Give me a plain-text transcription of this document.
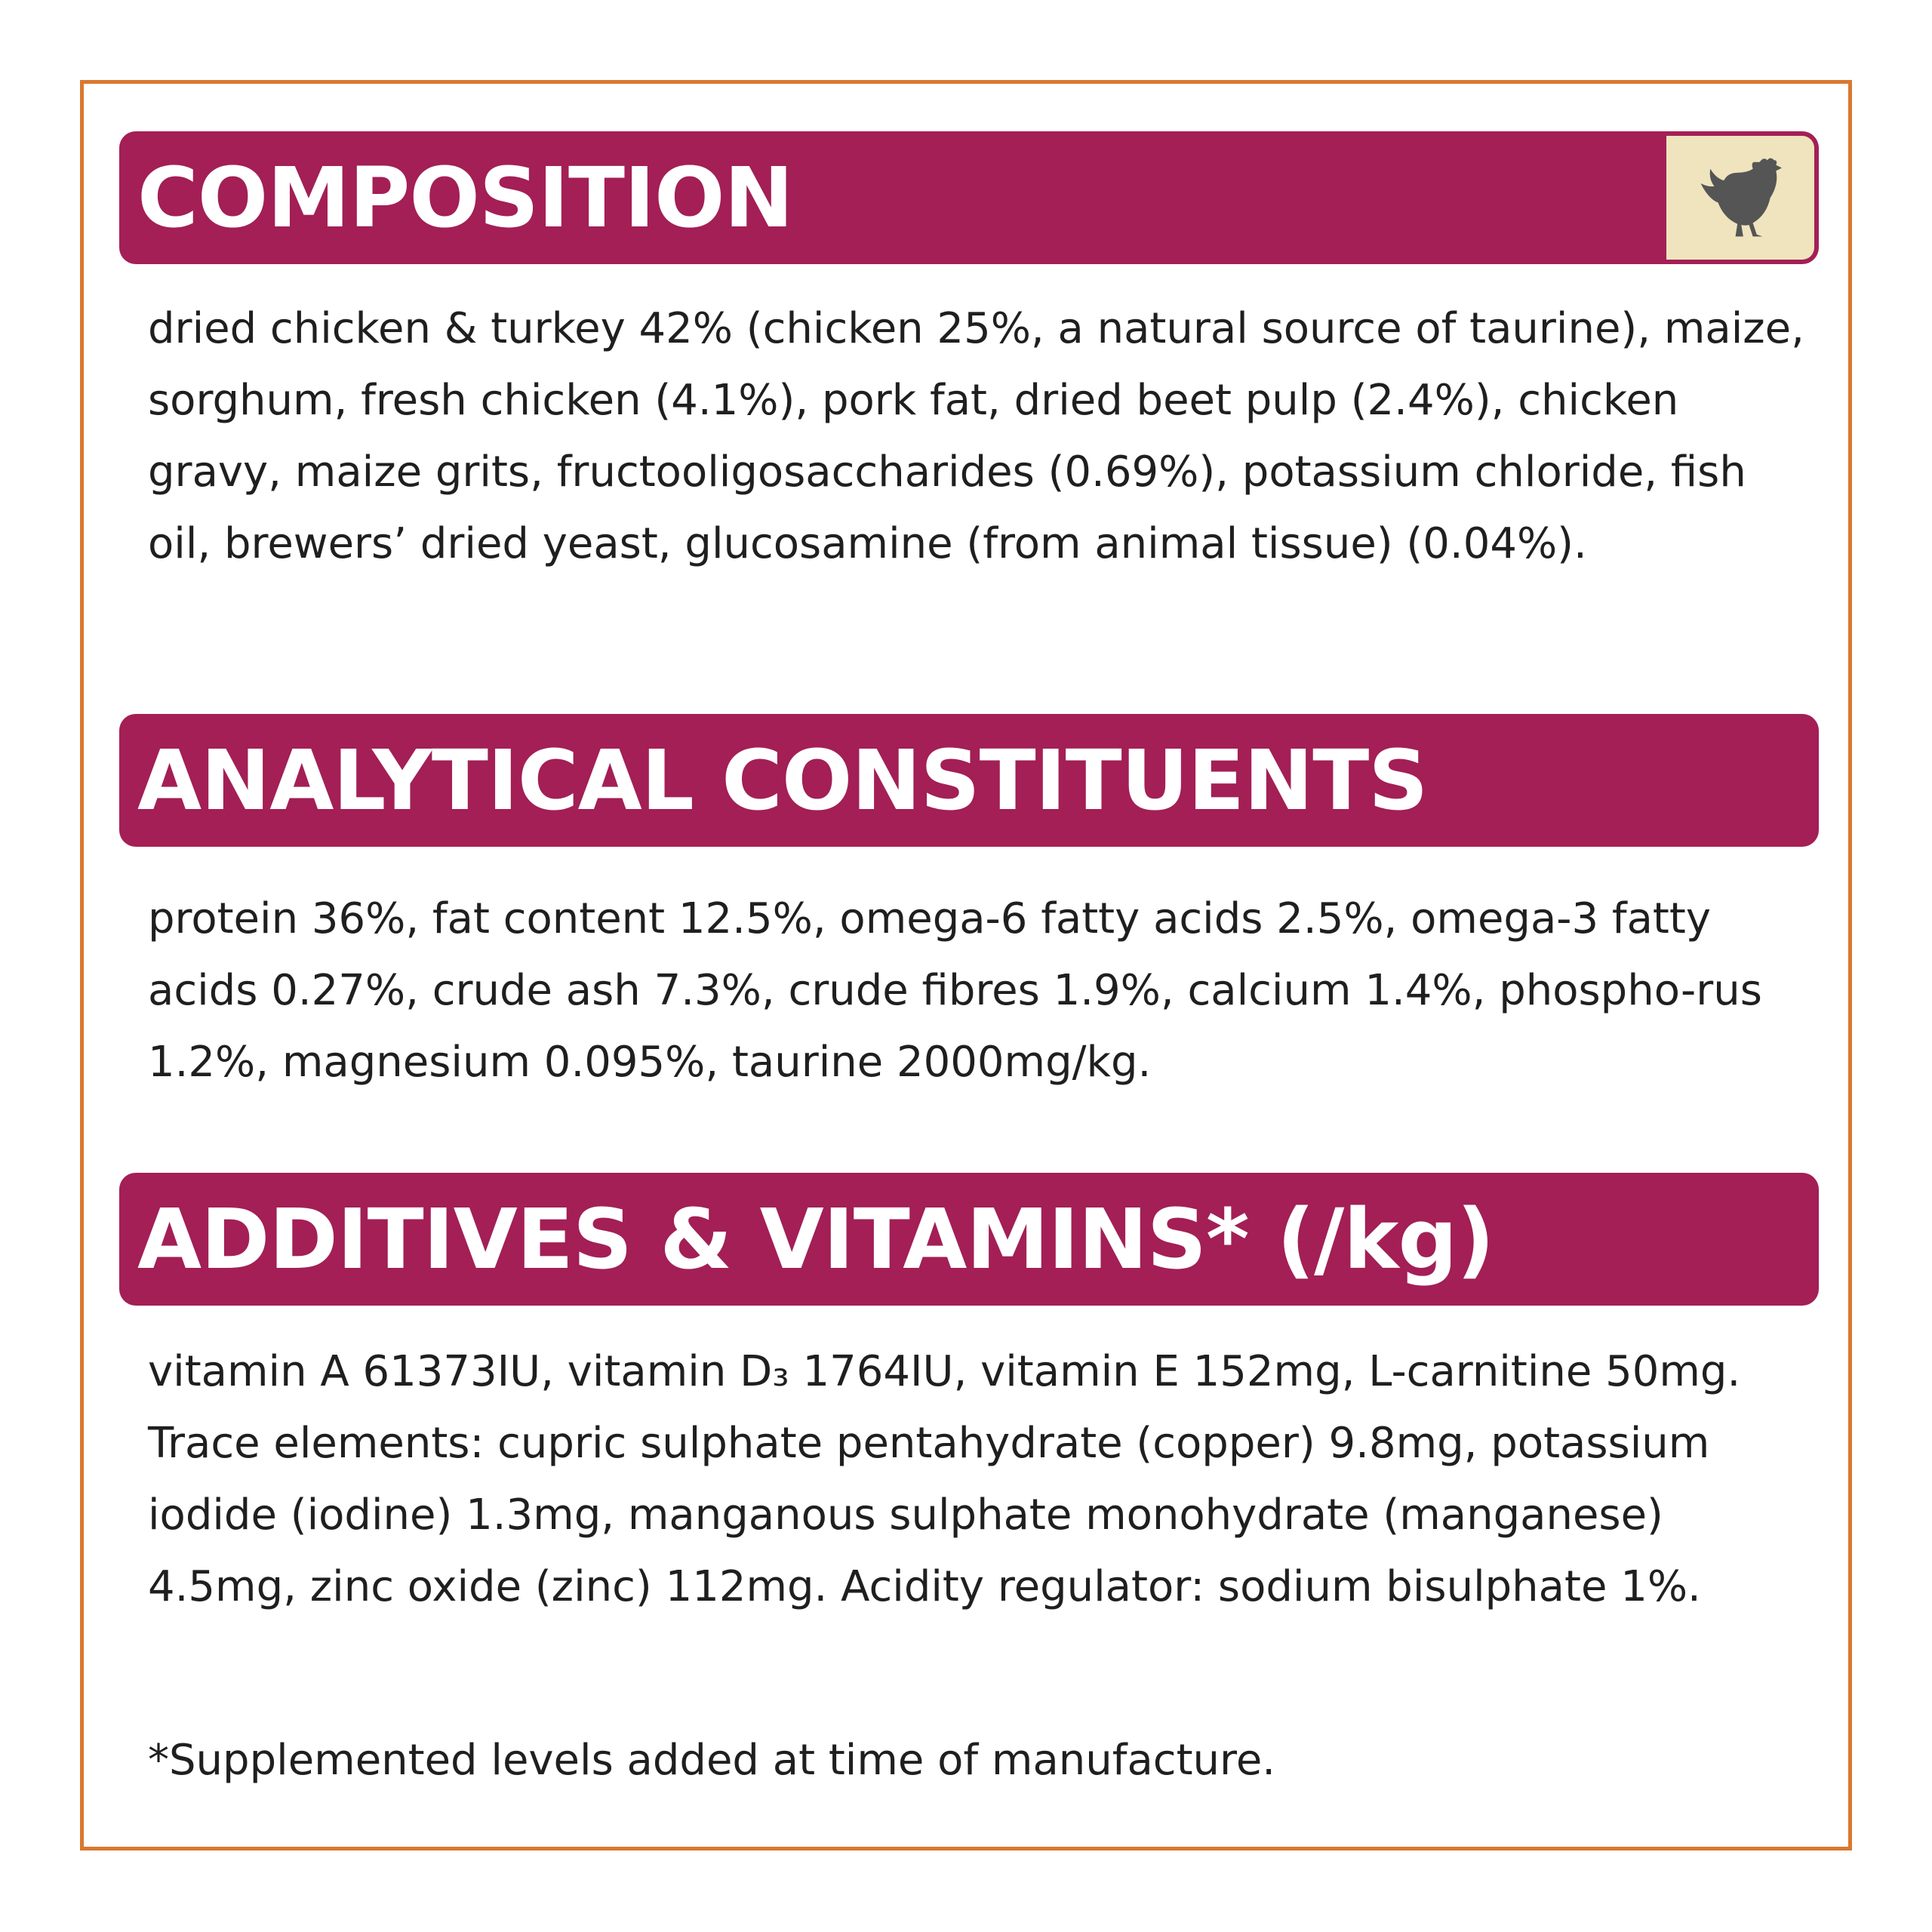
COMPOSITION

dried chicken & turkey 42% (chicken 25%, a natural source of taurine), maize, sorghum, fresh chicken (4.1%), pork fat, dried beet pulp (2.4%), chicken gravy, maize grits, fructooligosaccharides (0.69%), potassium chloride, fish oil, brewers’ dried yeast, glucosamine (from animal tissue) (0.04%).

ANALYTICAL CONSTITUENTS

protein 36%, fat content 12.5%, omega-6 fatty acids 2.5%, omega-3 fatty acids 0.27%, crude ash 7.3%, crude fibres 1.9%, calcium 1.4%, phospho-rus 1.2%, magnesium 0.095%, taurine 2000mg/kg.

ADDITIVES & VITAMINS* (/kg)

vitamin A 61373IU, vitamin D₃ 1764IU, vitamin E 152mg, L-carnitine 50mg. Trace elements: cupric sulphate pentahydrate (copper) 9.8mg, potassium iodide (iodine) 1.3mg, manganous sulphate monohydrate (manganese) 4.5mg, zinc oxide (zinc) 112mg. Acidity regulator: sodium bisulphate 1%.

*Supplemented levels added at time of manufacture.
